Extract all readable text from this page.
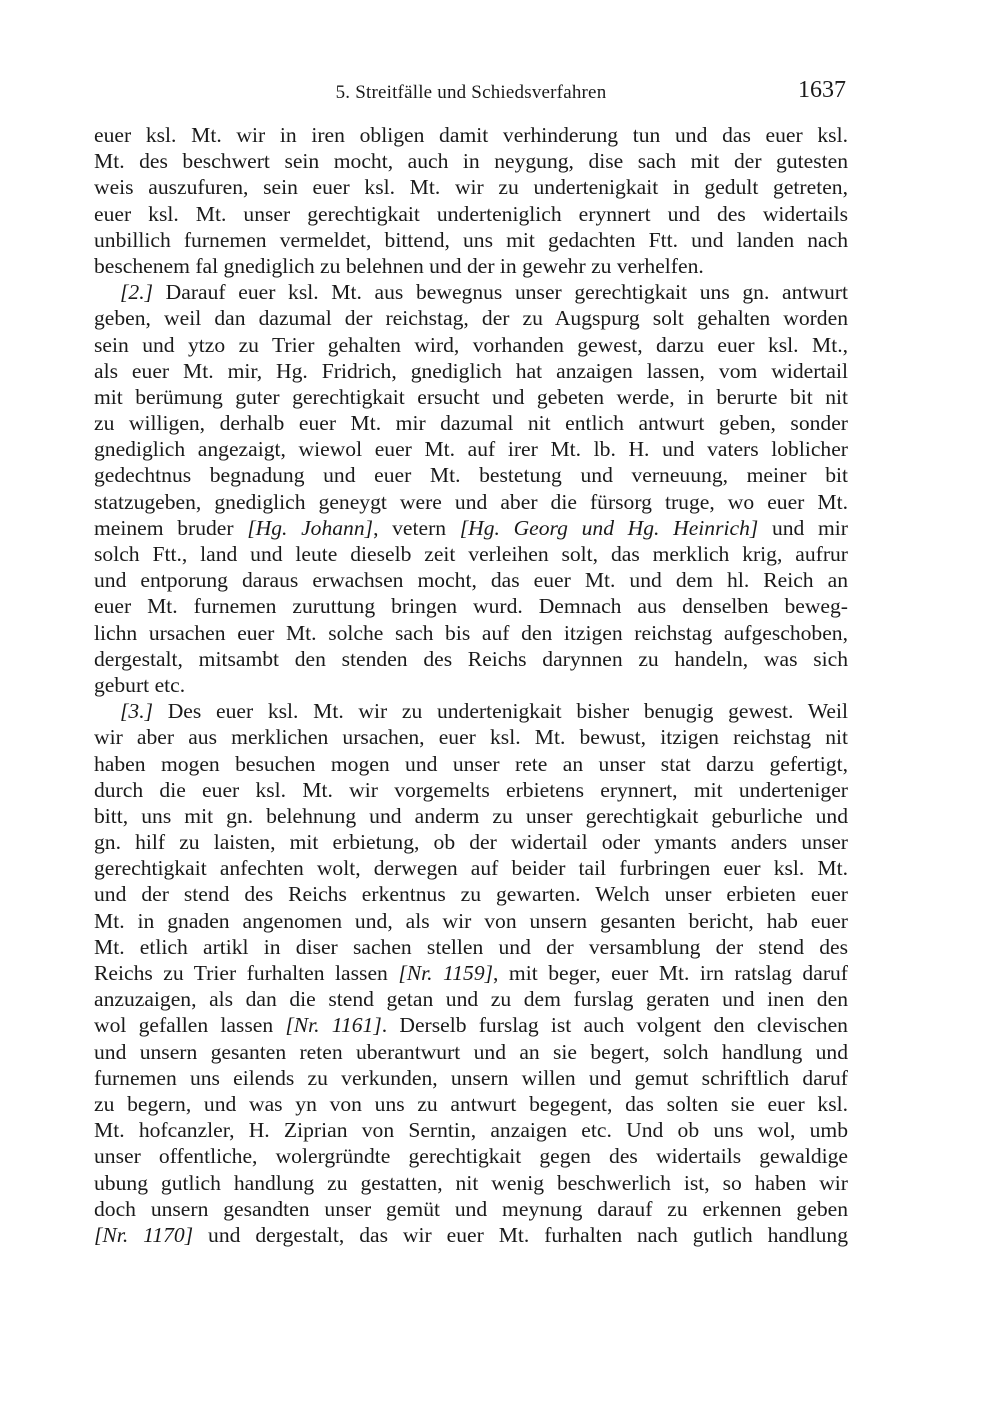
5. Streitfälle und Schiedsverfahren	1637
euer ksl. Mt. wir in iren obligen damit verhinderung tun und das euer ksl.
Mt. des beschwert sein mocht, auch in neygung, dise sach mit der gutesten
weis auszufuren, sein euer ksl. Mt. wir zu undertenigkait in gedult getreten,
euer ksl. Mt. unser gerechtigkait underteniglich erynnert und des widertails
unbillich furnemen vermeldet, bittend, uns mit gedachten Ftt. und landen nach
beschenem fal gnediglich zu belehnen und der in gewehr zu verhelfen.
[2.] Darauf euer ksl. Mt. aus bewegnus unser gerechtigkait uns gn. antwurt
geben, weil dan dazumal der reichstag, der zu Augspurg solt gehalten worden
sein und ytzo zu Trier gehalten wird, vorhanden gewest, darzu euer ksl. Mt.,
als euer Mt. mir, Hg. Fridrich, gnediglich hat anzaigen lassen, vom widertail
mit berümung guter gerechtigkait ersucht und gebeten werde, in berurte bit nit
zu willigen, derhalb euer Mt. mir dazumal nit entlich antwurt geben, sonder
gnediglich angezaigt, wiewol euer Mt. auf irer Mt. lb. H. und vaters loblicher
gedechtnus begnadung und euer Mt. bestetung und verneuung, meiner bit
statzugeben, gnediglich geneygt were und aber die fürsorg truge, wo euer Mt.
meinem bruder [Hg. Johann], vetern [Hg. Georg und Hg. Heinrich] und mir
solch Ftt., land und leute dieselb zeit verleihen solt, das merklich krig, aufrur
und entporung daraus erwachsen mocht, das euer Mt. und dem hl. Reich an
euer Mt. furnemen zuruttung bringen wurd. Demnach aus denselben beweg-
lichn ursachen euer Mt. solche sach bis auf den itzigen reichstag aufgeschoben,
dergestalt, mitsambt den stenden des Reichs darynnen zu handeln, was sich
geburt etc.
[3.] Des euer ksl. Mt. wir zu undertenigkait bisher benugig gewest. Weil
wir aber aus merklichen ursachen, euer ksl. Mt. bewust, itzigen reichstag nit
haben mogen besuchen mogen und unser rete an unser stat darzu gefertigt,
durch die euer ksl. Mt. wir vorgemelts erbietens erynnert, mit underteniger
bitt, uns mit gn. belehnung und anderm zu unser gerechtigkait geburliche und
gn. hilf zu laisten, mit erbietung, ob der widertail oder ymants anders unser
gerechtigkait anfechten wolt, derwegen auf beider tail furbringen euer ksl. Mt.
und der stend des Reichs erkentnus zu gewarten. Welch unser erbieten euer
Mt. in gnaden angenomen und, als wir von unsern gesanten bericht, hab euer
Mt. etlich artikl in diser sachen stellen und der versamblung der stend des
Reichs zu Trier furhalten lassen [Nr. 1159], mit beger, euer Mt. irn ratslag daruf
anzuzaigen, als dan die stend getan und zu dem furslag geraten und inen den
wol gefallen lassen [Nr. 1161]. Derselb furslag ist auch volgent den clevischen
und unsern gesanten reten uberantwurt und an sie begert, solch handlung und
furnemen uns eilends zu verkunden, unsern willen und gemut schriftlich daruf
zu begern, und was yn von uns zu antwurt begegent, das solten sie euer ksl.
Mt. hofcanzler, H. Ziprian von Serntin, anzaigen etc. Und ob uns wol, umb
unser offentliche, wolergründte gerechtigkait gegen des widertails gewaldige
ubung gutlich handlung zu gestatten, nit wenig beschwerlich ist, so haben wir
doch unsern gesandten unser gemüt und meynung darauf zu erkennen geben
[Nr. 1170] und dergestalt, das wir euer Mt. furhalten nach gutlich handlung
